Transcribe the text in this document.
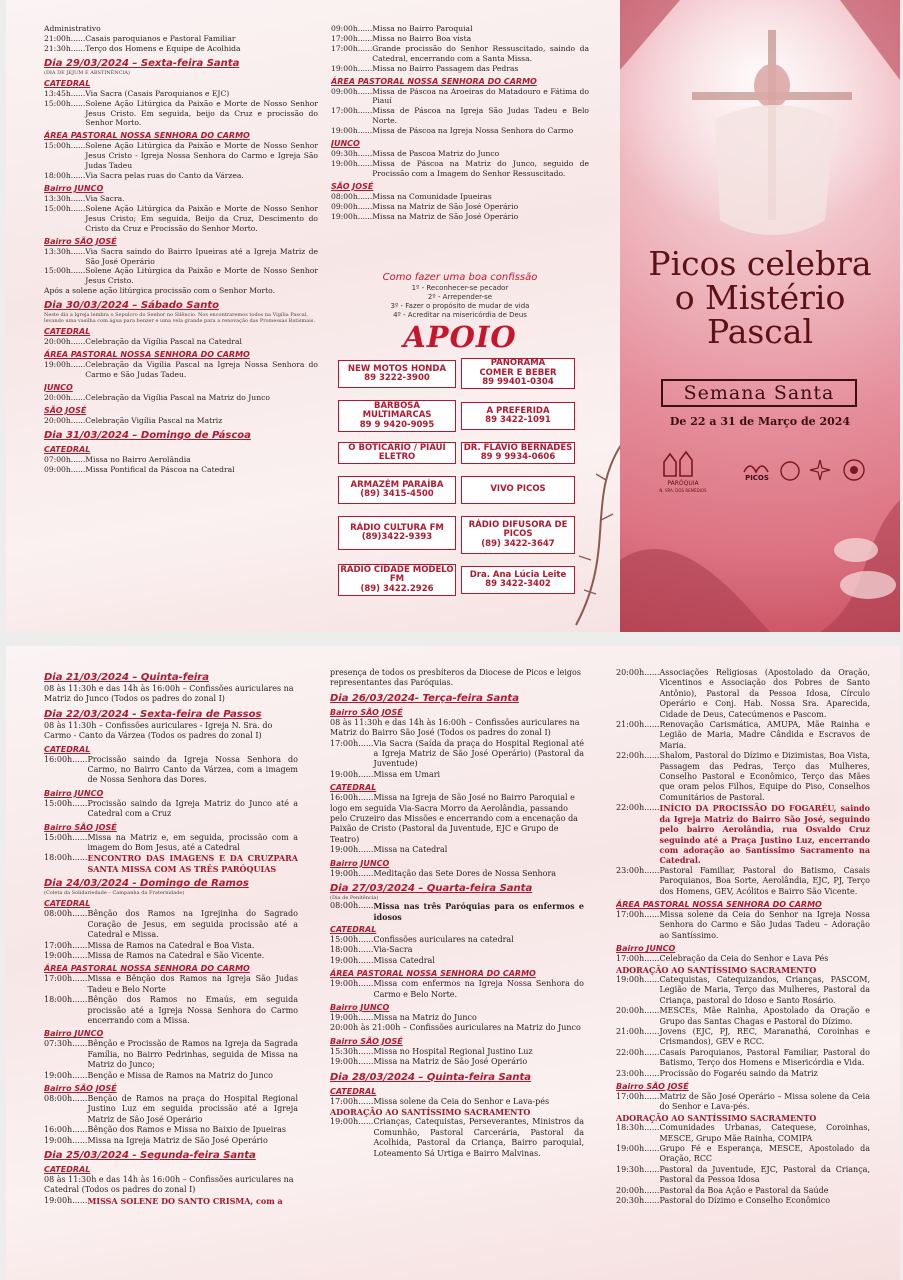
Administrativo
21:00h ......	Casais paroquianos e Pastoral Familiar
21:30h ......	Terço dos Homens e Equipe de Acolhida
Dia 29/03/2024 – Sexta-feira Santa
(DIA DE JEJUM E ABSTINÊNCIA)
CATEDRAL
13:45h ......	Via Sacra (Casais Paroquianos e EJC)
15:00h ......	Solene Ação Litúrgica da Paixão e Morte de Nosso Senhor Jesus Cristo. Em seguida, beijo da Cruz e procissão do Senhor Morto.
ÁREA PASTORAL NOSSA SENHORA DO CARMO
15:00h ......	Solene Ação Litúrgica da Paixão e Morte de Nosso Senhor Jesus Cristo - Igreja Nossa Senhora do Carmo e Igreja São Judas Tadeu
18:00h ......	Via Sacra pelas ruas do Canto da Várzea.
Bairro JUNCO
13:30h ......	Via Sacra.
15:00h ......	Solene Ação Litúrgica da Paixão e Morte de Nosso Senhor Jesus Cristo; Em seguida, Beijo da Cruz, Descimento do Cristo da Cruz e Procissão do Senhor Morto.
Bairro SÃO JOSÉ
13:30h ......	Via Sacra saindo do Bairro Ipueiras até a Igreja Matriz de São José Operário
15:00h ......	Solene Ação Litúrgica da Paixão e Morte de Nosso Senhor Jesus Cristo.
Após a solene ação litúrgica procissão com o Senhor Morto.
Dia 30/03/2024 – Sábado Santo
Neste dia a Igreja lembra o Sepulcro do Senhor no Silêncio. Nos encontraremos todos na Vigília Pascal, levando uma vasilha com água para benzer e uma vela grande para a renovação das Promessas Batismais.
CATEDRAL
20:00h ......	Celebração da Vigília Pascal na Catedral
ÁREA PASTORAL NOSSA SENHORA DO CARMO
19:00h ......	Celebração da Vigília Pascal na Igreja Nossa Senhora do Carmo e São Judas Tadeu.
JUNCO
20:00h ......	Celebração da Vigília Pascal na Matriz do Junco
SÃO JOSÉ
20:00h ......	Celebração Vigília Pascal na Matriz
Dia 31/03/2024 – Domingo de Páscoa
CATEDRAL
07:00h ......	Missa no Bairro Aerolândia
09:00h ......	Missa Pontifical da Páscoa na Catedral
09:00h ......	Missa no Bairro Paroquial
17:00h ......	Missa no Bairro Boa vista
17:00h ......	Grande procissão do Senhor Ressuscitado, saindo da Catedral, encerrando com a Santa Missa.
19:00h ......	Missa no Bairro Passagem das Pedras
ÁREA PASTORAL NOSSA SENHORA DO CARMO
09:00h ......	Missa de Páscoa na Aroeiras do Matadouro e Fátima do Piauí
17:00h ......	Missa de Páscoa na Igreja São Judas Tadeu e Belo Norte.
19:00h ......	Missa de Páscoa na Igreja Nossa Senhora do Carmo
JUNCO
09:30h ......	Missa de Pascoa Matriz do Junco
19:00h ......	Missa de Páscoa na Matriz do Junco, seguido de Procissão com a Imagem do Senhor Ressuscitado.
SÃO JOSÉ
08:00h ......	Missa na Comunidade Ipueiras
09:00h ......	Missa na Matriz de São José Operário
19:00h ......	Missa na Matriz de São José Operário
Como fazer uma boa confissão
1º - Reconhecer-se pecador
2º - Arrepender-se
3º - Fazer o propósito de mudar de vida
4º - Acreditar na misericórdia de Deus
APOIO
NEW MOTOS HONDA
89 3222-3900
PANORAMA
COMER E BEBER
89 99401-0304
BARBOSA
MULTIMARCAS
89 9 9420-9095
A PREFERIDA
89 3422-1091
O BOTICÁRIO / PIAUÍ
ELETRO
DR. FLÁVIO BERNADES
89 9 9934-0606
ARMAZÉM PARAÍBA
(89) 3415-4500	VIVO PICOS
RÁDIO CULTURA FM
(89)3422-9393
RÁDIO DIFUSORA DE
PICOS
(89) 3422-3647
RADIO CIDADE MODELO
FM
(89) 3422.2926
Dra. Ana Lúcia Leite
89 3422-3402
Picos celebra
o Mistério
Pascal
Semana Santa
De 22 a 31 de Março de 2024
PARÓQUIA
N. SRA. DOS REMÉDIOS
PICOS
Dia 21/03/2024 – Quinta-feira
08 às 11:30h e das 14h às 16:00h – Confissões auriculares na Matriz do Junco (Todos os padres do zonal I)
Dia 22/03/2024 - Sexta-feira de Passos
08 às 11:30h – Confissões auriculares - Igreja N. Sra. do Carmo - Canto da Várzea (Todos os padres do zonal I)
CATEDRAL
16:00h ......	Procissão saindo da Igreja Nossa Senhora do Carmo, no Bairro Canto da Várzea, com a imagem de Nossa Senhora das Dores.
Bairro JUNCO
15:00h ......	Procissão saindo da Igreja Matriz do Junco até a Catedral com a Cruz
Bairro SÃO JOSÉ
15:00h ......	Missa na Matriz e, em seguida, procissão com a imagem do Bom Jesus, até a Catedral
18:00h ......	ENCONTRO DAS IMAGENS E DA CRUZPARA SANTA MISSA COM AS TRÊS PARÓQUIAS
Dia 24/03/2024 - Domingo de Ramos
(Coleta da Solidariedade – Campanha da Fraternidade)
CATEDRAL
08:00h ......	Bênção dos Ramos na Igrejinha do Sagrado Coração de Jesus, em seguida procissão até a Catedral e Missa.
17:00h ......	Missa de Ramos na Catedral e Boa Vista.
19:00h ......	Missa de Ramos na Catedral e São Vicente.
ÁREA PASTORAL NOSSA SENHORA DO CARMO
17:00h ......	Missa e Bênção dos Ramos na Igreja São Judas Tadeu e Belo Norte
18:00h ......	Bênção dos Ramos no Emaús, em seguida procissão até a Igreja Nossa Senhora do Carmo encerrando com a Missa.
Bairro JUNCO
07:30h ......	Bênção e Procissão de Ramos na Igreja da Sagrada Família, no Bairro Pedrinhas, seguida de Missa na Matriz do Junco;
19:00h ......	Benção e Missa de Ramos na Matriz do Junco
Bairro SÃO JOSÉ
08:00h ......	Benção de Ramos na praça do Hospital Regional Justino Luz em seguida procissão até a Igreja Matriz de São José Operário
16:00h ......	Bênção dos Ramos e Missa no Baixio de Ipueiras
19:00h ......	Missa na Igreja Matriz de São José Operário
Dia 25/03/2024 - Segunda-feira Santa
CATEDRAL
08 às 11:30h e das 14h às 16:00h – Confissões auriculares na Catedral (Todos os padres do zonal I)
19:00h ......	MISSA SOLENE DO SANTO CRISMA, com a
presença de todos os presbíteros da Diocese de Picos e leigos representantes das Paróquias.
Dia 26/03/2024- Terça-feira Santa
Bairro SÃO JOSÉ
08 às 11:30h e das 14h às 16:00h – Confissões auriculares na Matriz do Bairro São José (Todos os padres do zonal I)
17:00h ......	Via Sacra (Saída da praça do Hospital Regional até a Igreja Matriz de São José Operário) (Pastoral da Juventude)
19:00h ......	Missa em Umari
CATEDRAL
16:00h......Missa na Igreja de São José no Bairro Paroquial e logo em seguida Via-Sacra Morro da Aerolândia, passando pelo Cruzeiro das Missões e encerrando com a encenação da Paixão de Cristo (Pastoral da Juventude, EJC e Grupo de Teatro)
19:00h ......	Missa na Catedral
Bairro JUNCO
19:00h ......	Meditação das Sete Dores de Nossa Senhora
Dia 27/03/2024 – Quarta-feira Santa
(Dia de Penitência)
08:00h ......	Missa nas três Paróquias para os enfermos e idosos
CATEDRAL
15:00h ......	Confissões auriculares na catedral
18:00h ......	Via-Sacra
19:00h ......	Missa Catedral
ÁREA PASTORAL NOSSA SENHORA DO CARMO
19:00h ......	Missa com enfermos na Igreja Nossa Senhora do Carmo e Belo Norte.
Bairro JUNCO
19:00h ......	Missa na Matriz do Junco
20:00h às 21:00h – Confissões auriculares na Matriz do Junco
Bairro SÃO JOSÉ
15:30h ......	Missa no Hospital Regional Justino Luz
19:00h ......	Missa na Matriz de São José Operário
Dia 28/03/2024 – Quinta-feira Santa
CATEDRAL
17:00h ......	Missa solene da Ceia do Senhor e Lava-pés
ADORAÇÃO AO SANTÍSSIMO SACRAMENTO
19:00h ......	Crianças, Catequistas, Perseverantes, Ministros da Comunhão, Pastoral Carcerária, Pastoral da Acolhida, Pastoral da Criança, Bairro paroquial, Loteamento Sá Urtiga e Bairro Malvinas.
20:00h ......	Associações Religiosas (Apostolado da Oração, Vicentinos e Associação dos Pobres de Santo Antônio), Pastoral da Pessoa Idosa, Círculo Operário e Conj. Hab. Nossa Sra. Aparecida, Cidade de Deus, Catecúmenos e Pascom.
21:00h ......	Renovação Carismática, AMUPA, Mãe Rainha e Legião de Maria, Madre Cândida e Escravos de Maria.
22:00h ......	Shalom, Pastoral do Dízimo e Dizimistas, Boa Vista, Passagem das Pedras, Terço das Mulheres, Conselho Pastoral e Econômico, Terço das Mães que oram pelos Filhos, Equipe do Piso, Conselhos Comunitários de Pastoral.
22:00h ......	INÍCIO DA PROCISSÃO DO FOGARÉU, saindo da Igreja Matriz do Bairro São José, seguindo pelo bairro Aerolândia, rua Osvaldo Cruz seguindo até a Praça Justino Luz, encerrando com adoração ao Santíssimo Sacramento na Catedral.
23:00h ......	Pastoral Familiar, Pastoral do Batismo, Casais Paroquianos, Boa Sorte, Aerolândia, EJC, PJ, Terço dos Homens, GEV, Acólitos e Bairro São Vicente.
ÁREA PASTORAL NOSSA SENHORA DO CARMO
17:00h ......	Missa solene da Ceia do Senhor na Igreja Nossa Senhora do Carmo e São Judas Tadeu – Adoração ao Santíssimo.
Bairro JUNCO
17:00h ......	Celebração da Ceia do Senhor e Lava Pés
ADORAÇÃO AO SANTÍSSIMO SACRAMENTO
19:00h ......	Catequistas, Catequizandos, Crianças, PASCOM, Legião de Maria, Terço das Mulheres, Pastoral da Criança, pastoral do Idoso e Santo Rosário.
20:00h ......	MESCEs, Mãe Rainha, Apostolado da Oração e Grupo das Santas Chagas e Pastoral do Dízimo.
21:00h ......	Jovens (EJC, PJ, REC, Maranathá, Coroinhas e Crismandos), GEV e RCC.
22:00h ......	Casais Paroquianos, Pastoral Familiar, Pastoral do Batismo, Terço dos Homens e Misericórdia e Vida.
23:00h ......	Procissão do Fogaréu saindo da Matriz
Bairro SÃO JOSÉ
17:00h ......	Matriz de São José Operário – Missa solene da Ceia do Senhor e Lava-pés.
ADORAÇÃO AO SANTÍSSIMO SACRAMENTO
18:30h ......	Comunidades Urbanas, Catequese, Coroinhas, MESCE, Grupo Mãe Rainha, COMIPA
19:00h ......	Grupo Fé e Esperança, MESCE, Apostolado da Oração, RCC
19:30h ......	Pastoral da Juventude, EJC, Pastoral da Criança, Pastoral da Pessoa Idosa
20:00h ......	Pastoral da Boa Ação e Pastoral da Saúde
20:30h ......	Pastoral do Dízimo e Conselho Econômico
